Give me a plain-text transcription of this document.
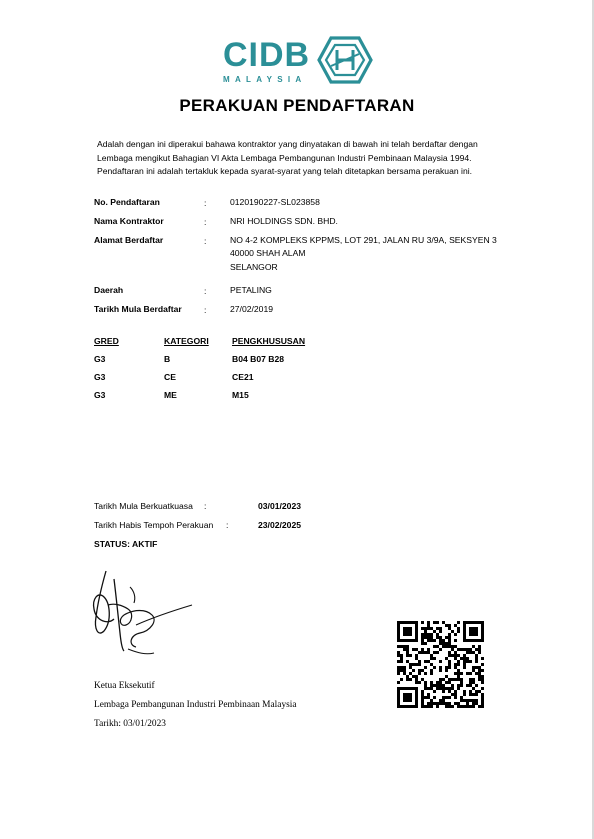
CIDB
MALAYSIA
PERAKUAN PENDAFTARAN
Adalah dengan ini diperakui bahawa kontraktor yang dinyatakan di bawah ini telah berdaftar dengan
Lembaga mengikut Bahagian VI Akta Lembaga Pembangunan Industri Pembinaan Malaysia 1994.
Pendaftaran ini adalah tertakluk kepada syarat-syarat yang telah ditetapkan bersama perakuan ini.
No. Pendaftaran	:	0120190227-SL023858
Nama Kontraktor	:	NRI HOLDINGS SDN. BHD.
Alamat Berdaftar	:	NO 4-2 KOMPLEKS KPPMS, LOT 291, JALAN RU 3/9A, SEKSYEN 3
40000 SHAH ALAM
SELANGOR
Daerah	:	PETALING
Tarikh Mula Berdaftar	:	27/02/2019
GRED	KATEGORI	PENGKHUSUSAN
G3	B	B04 B07 B28
G3	CE	CE21
G3	ME	M15
Tarikh Mula Berkuatkuasa :	03/01/2023
Tarikh Habis Tempoh Perakuan :	23/02/2025
STATUS: AKTIF
Ketua Eksekutif
Lembaga Pembangunan Industri Pembinaan Malaysia
Tarikh: 03/01/2023
